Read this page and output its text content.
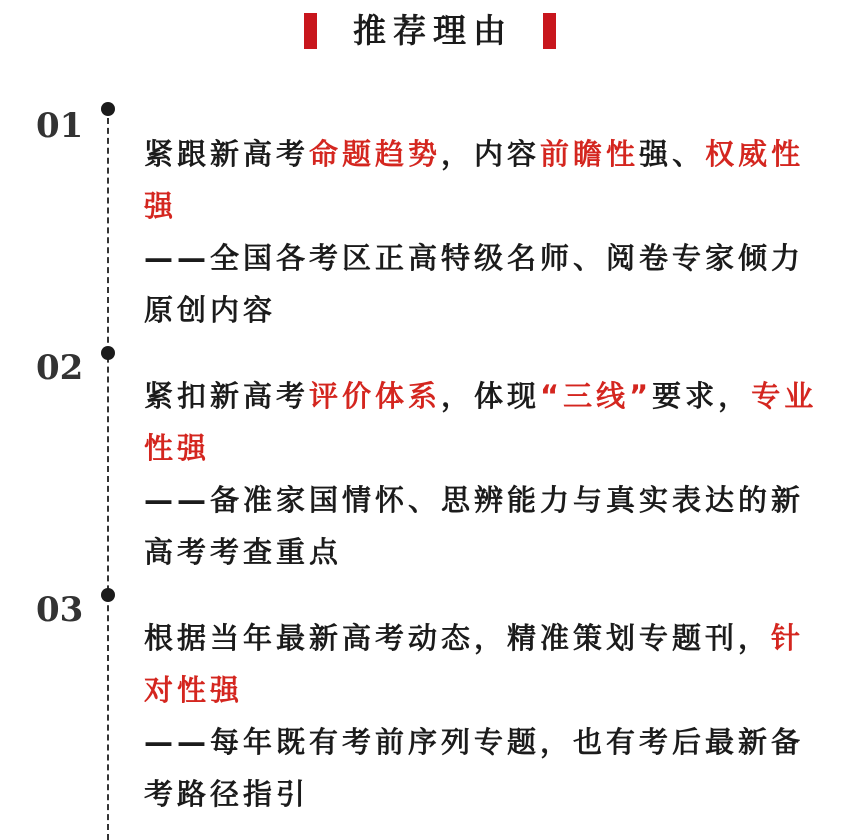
推荐理由
01
紧跟新高考命题趋势，内容前瞻性强、权威性强
——全国各考区正高特级名师、阅卷专家倾力原创内容
02
紧扣新高考评价体系，体现“三线”要求，专业性强
——备准家国情怀、思辨能力与真实表达的新高考考查重点
03
根据当年最新高考动态，精准策划专题刊，针对性强
——每年既有考前序列专题，也有考后最新备考路径指引
